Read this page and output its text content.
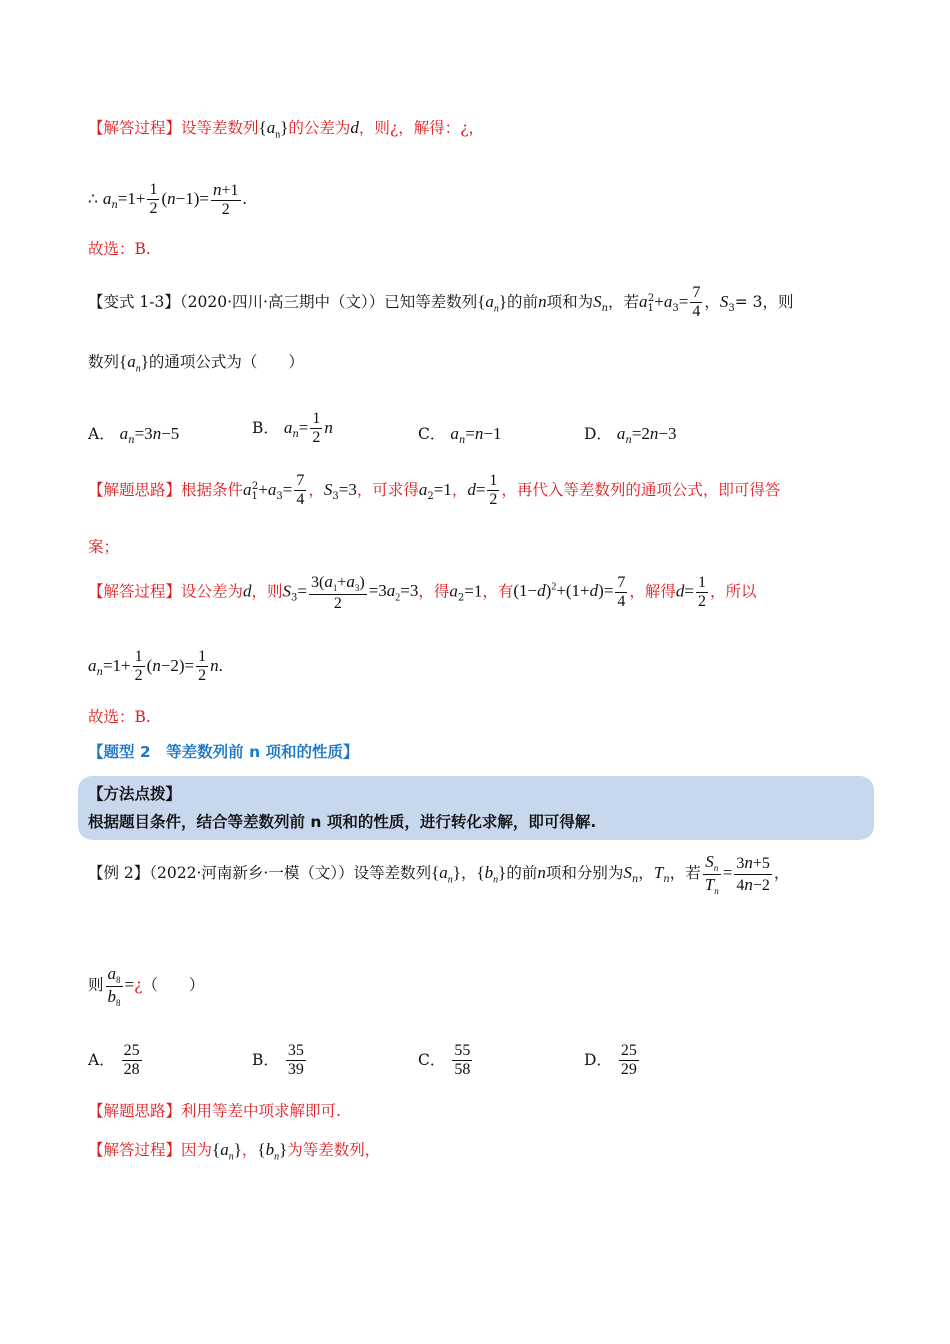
【解答过程】设等差数列$\{a_n\}$的公差为d，则¿，解得：¿，
∴ $a_n=1+ \frac{1}{2} (n-1)= \frac{n+1}{2}$ .
故选：B.
【变式 1-3】（2020·四川·高三期中（文））已知等差数列$\{a_n\}$的前n项和为$S_n$，若$a_1^2+a_3= \frac{7}{4}$ ，$S_3= 3$，则
数列$\{a_n\}$的通项公式为（　　）
A． $a_n=3n-5$	B． $a_n= \frac{1}{2}$ n	C． $a_n=n-1$	D． $a_n=2n-3$
【解题思路】根据条件$a_1^2+a_3= \frac{7}{4}$ ，$S_3=3$，可求得$a_2=1$，$d= \frac{1}{2}$ ，再代入等差数列的通项公式，即可得答
案；
【解答过程】设公差为d，则$S_3= \frac{3(a_1+a_3)}{2} =3a_2=3$，得$a_2=1$，有$(1-d)^2+(1+d)= \frac{7}{4}$ ，解得$d= \frac{1}{2}$ ，所以
$a_n=1+ \frac{1}{2} (n-2)= \frac{1}{2} n$.
故选：B.
【题型 2　等差数列前 n 项和的性质】
【方法点拨】
根据题目条件，结合等差数列前 n 项和的性质，进行转化求解，即可得解.
【例 2】（2022·河南新乡·一模（文））设等差数列$\{a_n\}$，$\{b_n\}$的前n项和分别为$S_n$，$T_n$，若 $\frac{S_n}{T_n} = \frac{3n+5}{4n-2}$ ，
则 $\frac{a_8}{b_8}$ =¿（　　）
A． $\frac{25}{28}$	B． $\frac{35}{39}$	C． $\frac{55}{58}$	D． $\frac{25}{29}$
【解题思路】利用等差中项求解即可.
【解答过程】因为$\{a_n\}$，$\{b_n\}$为等差数列，
